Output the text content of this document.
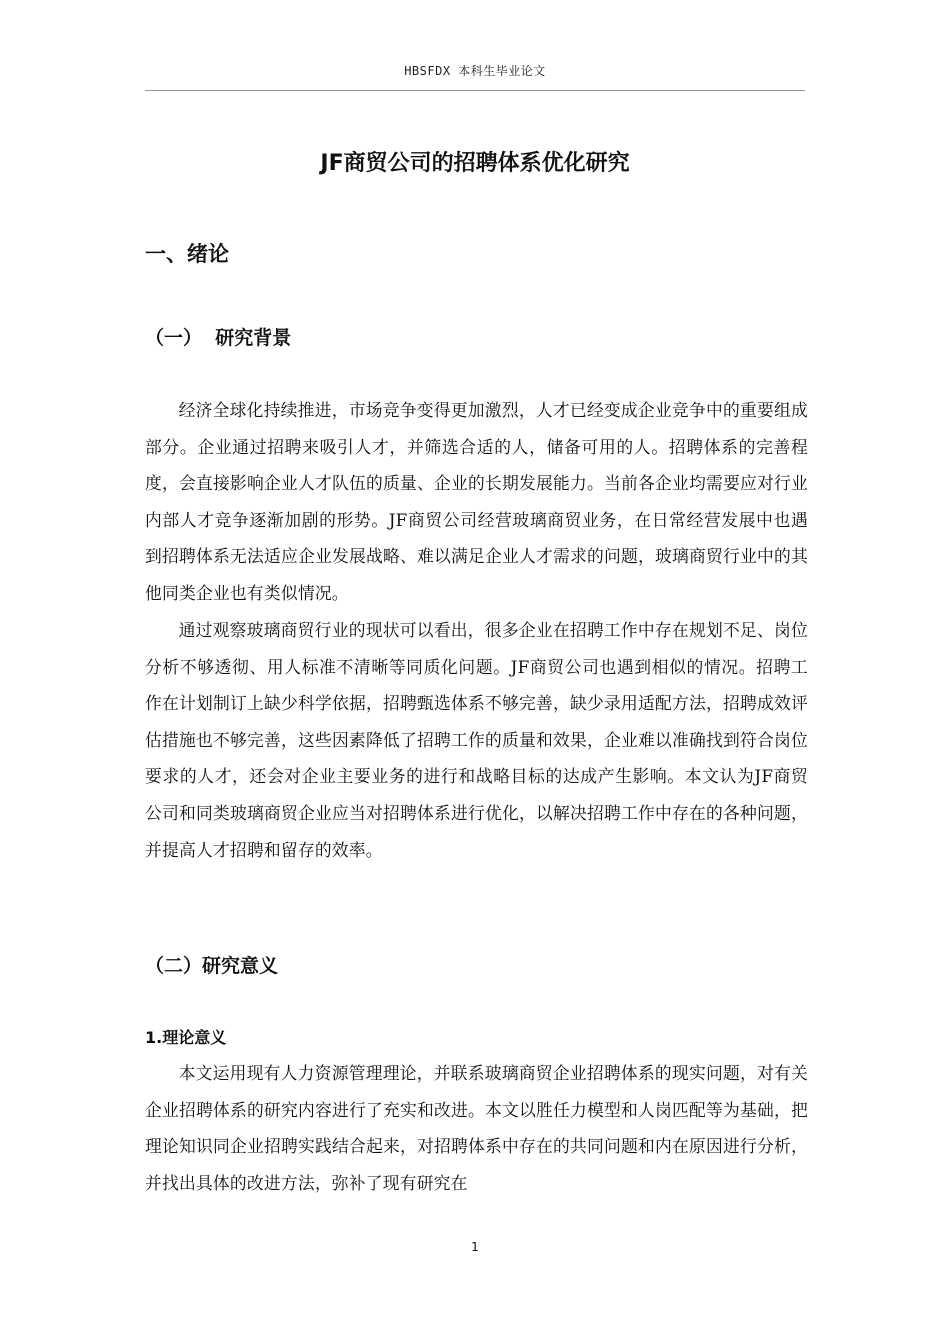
HBSFDX 本科生毕业论文
JF商贸公司的招聘体系优化研究
一、绪论
（一）  研究背景

经济全球化持续推进，市场竞争变得更加激烈，人才已经变成企业竞争中的重要组成部分。企业通过招聘来吸引人才，并筛选合适的人，储备可用的人。招聘体系的完善程度，会直接影响企业人才队伍的质量、企业的长期发展能力。当前各企业均需要应对行业内部人才竞争逐渐加剧的形势。JF商贸公司经营玻璃商贸业务，在日常经营发展中也遇到招聘体系无法适应企业发展战略、难以满足企业人才需求的问题，玻璃商贸行业中的其他同类企业也有类似情况。

通过观察玻璃商贸行业的现状可以看出，很多企业在招聘工作中存在规划不足、岗位分析不够透彻、用人标准不清晰等同质化问题。JF商贸公司也遇到相似的情况。招聘工作在计划制订上缺少科学依据，招聘甄选体系不够完善，缺少录用适配方法，招聘成效评估措施也不够完善，这些因素降低了招聘工作的质量和效果，企业难以准确找到符合岗位要求的人才，还会对企业主要业务的进行和战略目标的达成产生影响。本文认为JF商贸公司和同类玻璃商贸企业应当对招聘体系进行优化，以解决招聘工作中存在的各种问题，并提高人才招聘和留存的效率。

（二）研究意义
1.理论意义

本文运用现有人力资源管理理论，并联系玻璃商贸企业招聘体系的现实问题，对有关企业招聘体系的研究内容进行了充实和改进。本文以胜任力模型和人岗匹配等为基础，把理论知识同企业招聘实践结合起来，对招聘体系中存在的共同问题和内在原因进行分析，并找出具体的改进方法，弥补了现有研究在

1
